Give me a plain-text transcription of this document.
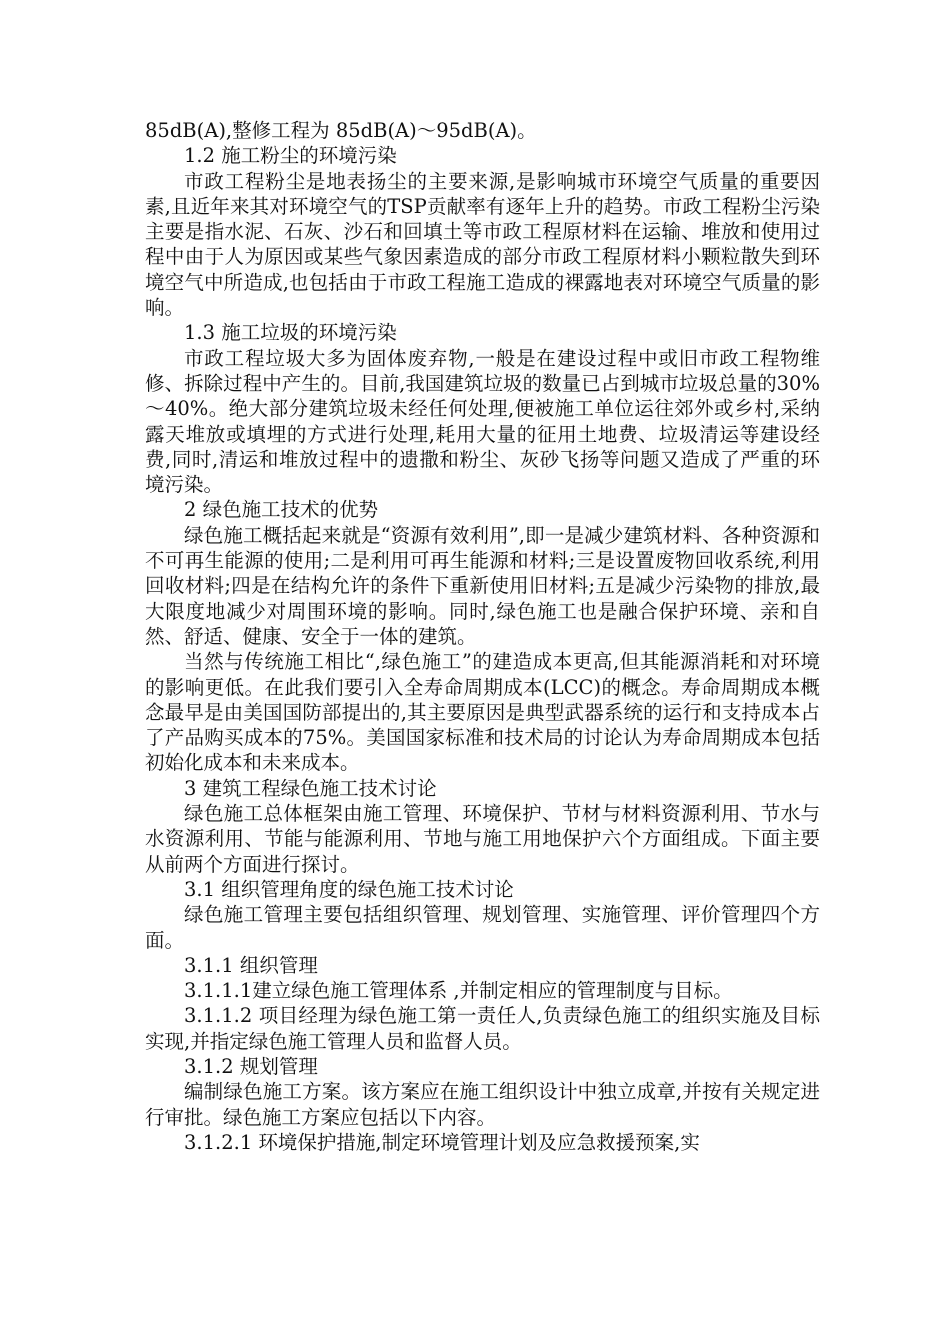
85dB(A),整修工程为 85dB(A)～95dB(A)。

1.2 施工粉尘的环境污染

市政工程粉尘是地表扬尘的主要来源,是影响城市环境空气质量的重要因素,且近年来其对环境空气的TSP贡献率有逐年上升的趋势。市政工程粉尘污染主要是指水泥、石灰、沙石和回填土等市政工程原材料在运输、堆放和使用过程中由于人为原因或某些气象因素造成的部分市政工程原材料小颗粒散失到环境空气中所造成,也包括由于市政工程施工造成的裸露地表对环境空气质量的影响。

1.3 施工垃圾的环境污染

市政工程垃圾大多为固体废弃物,一般是在建设过程中或旧市政工程物维修、拆除过程中产生的。目前,我国建筑垃圾的数量已占到城市垃圾总量的30%～40%。绝大部分建筑垃圾未经任何处理,便被施工单位运往郊外或乡村,采纳露天堆放或填埋的方式进行处理,耗用大量的征用土地费、垃圾清运等建设经费,同时,清运和堆放过程中的遗撒和粉尘、灰砂飞扬等问题又造成了严重的环境污染。

2 绿色施工技术的优势

绿色施工概括起来就是“资源有效利用”,即一是减少建筑材料、各种资源和不可再生能源的使用;二是利用可再生能源和材料;三是设置废物回收系统,利用回收材料;四是在结构允许的条件下重新使用旧材料;五是减少污染物的排放,最大限度地减少对周围环境的影响。同时,绿色施工也是融合保护环境、亲和自然、舒适、健康、安全于一体的建筑。

当然与传统施工相比“,绿色施工”的建造成本更高,但其能源消耗和对环境的影响更低。在此我们要引入全寿命周期成本(LCC)的概念。寿命周期成本概念最早是由美国国防部提出的,其主要原因是典型武器系统的运行和支持成本占了产品购买成本的75%。美国国家标准和技术局的讨论认为寿命周期成本包括初始化成本和未来成本。

3 建筑工程绿色施工技术讨论

绿色施工总体框架由施工管理、环境保护、节材与材料资源利用、节水与水资源利用、节能与能源利用、节地与施工用地保护六个方面组成。下面主要从前两个方面进行探讨。

3.1 组织管理角度的绿色施工技术讨论

绿色施工管理主要包括组织管理、规划管理、实施管理、评价管理四个方面。

3.1.1 组织管理

3.1.1.1建立绿色施工管理体系 ,并制定相应的管理制度与目标。

3.1.1.2 项目经理为绿色施工第一责任人,负责绿色施工的组织实施及目标实现,并指定绿色施工管理人员和监督人员。

3.1.2 规划管理

编制绿色施工方案。该方案应在施工组织设计中独立成章,并按有关规定进行审批。绿色施工方案应包括以下内容。

3.1.2.1 环境保护措施,制定环境管理计划及应急救援预案,实
